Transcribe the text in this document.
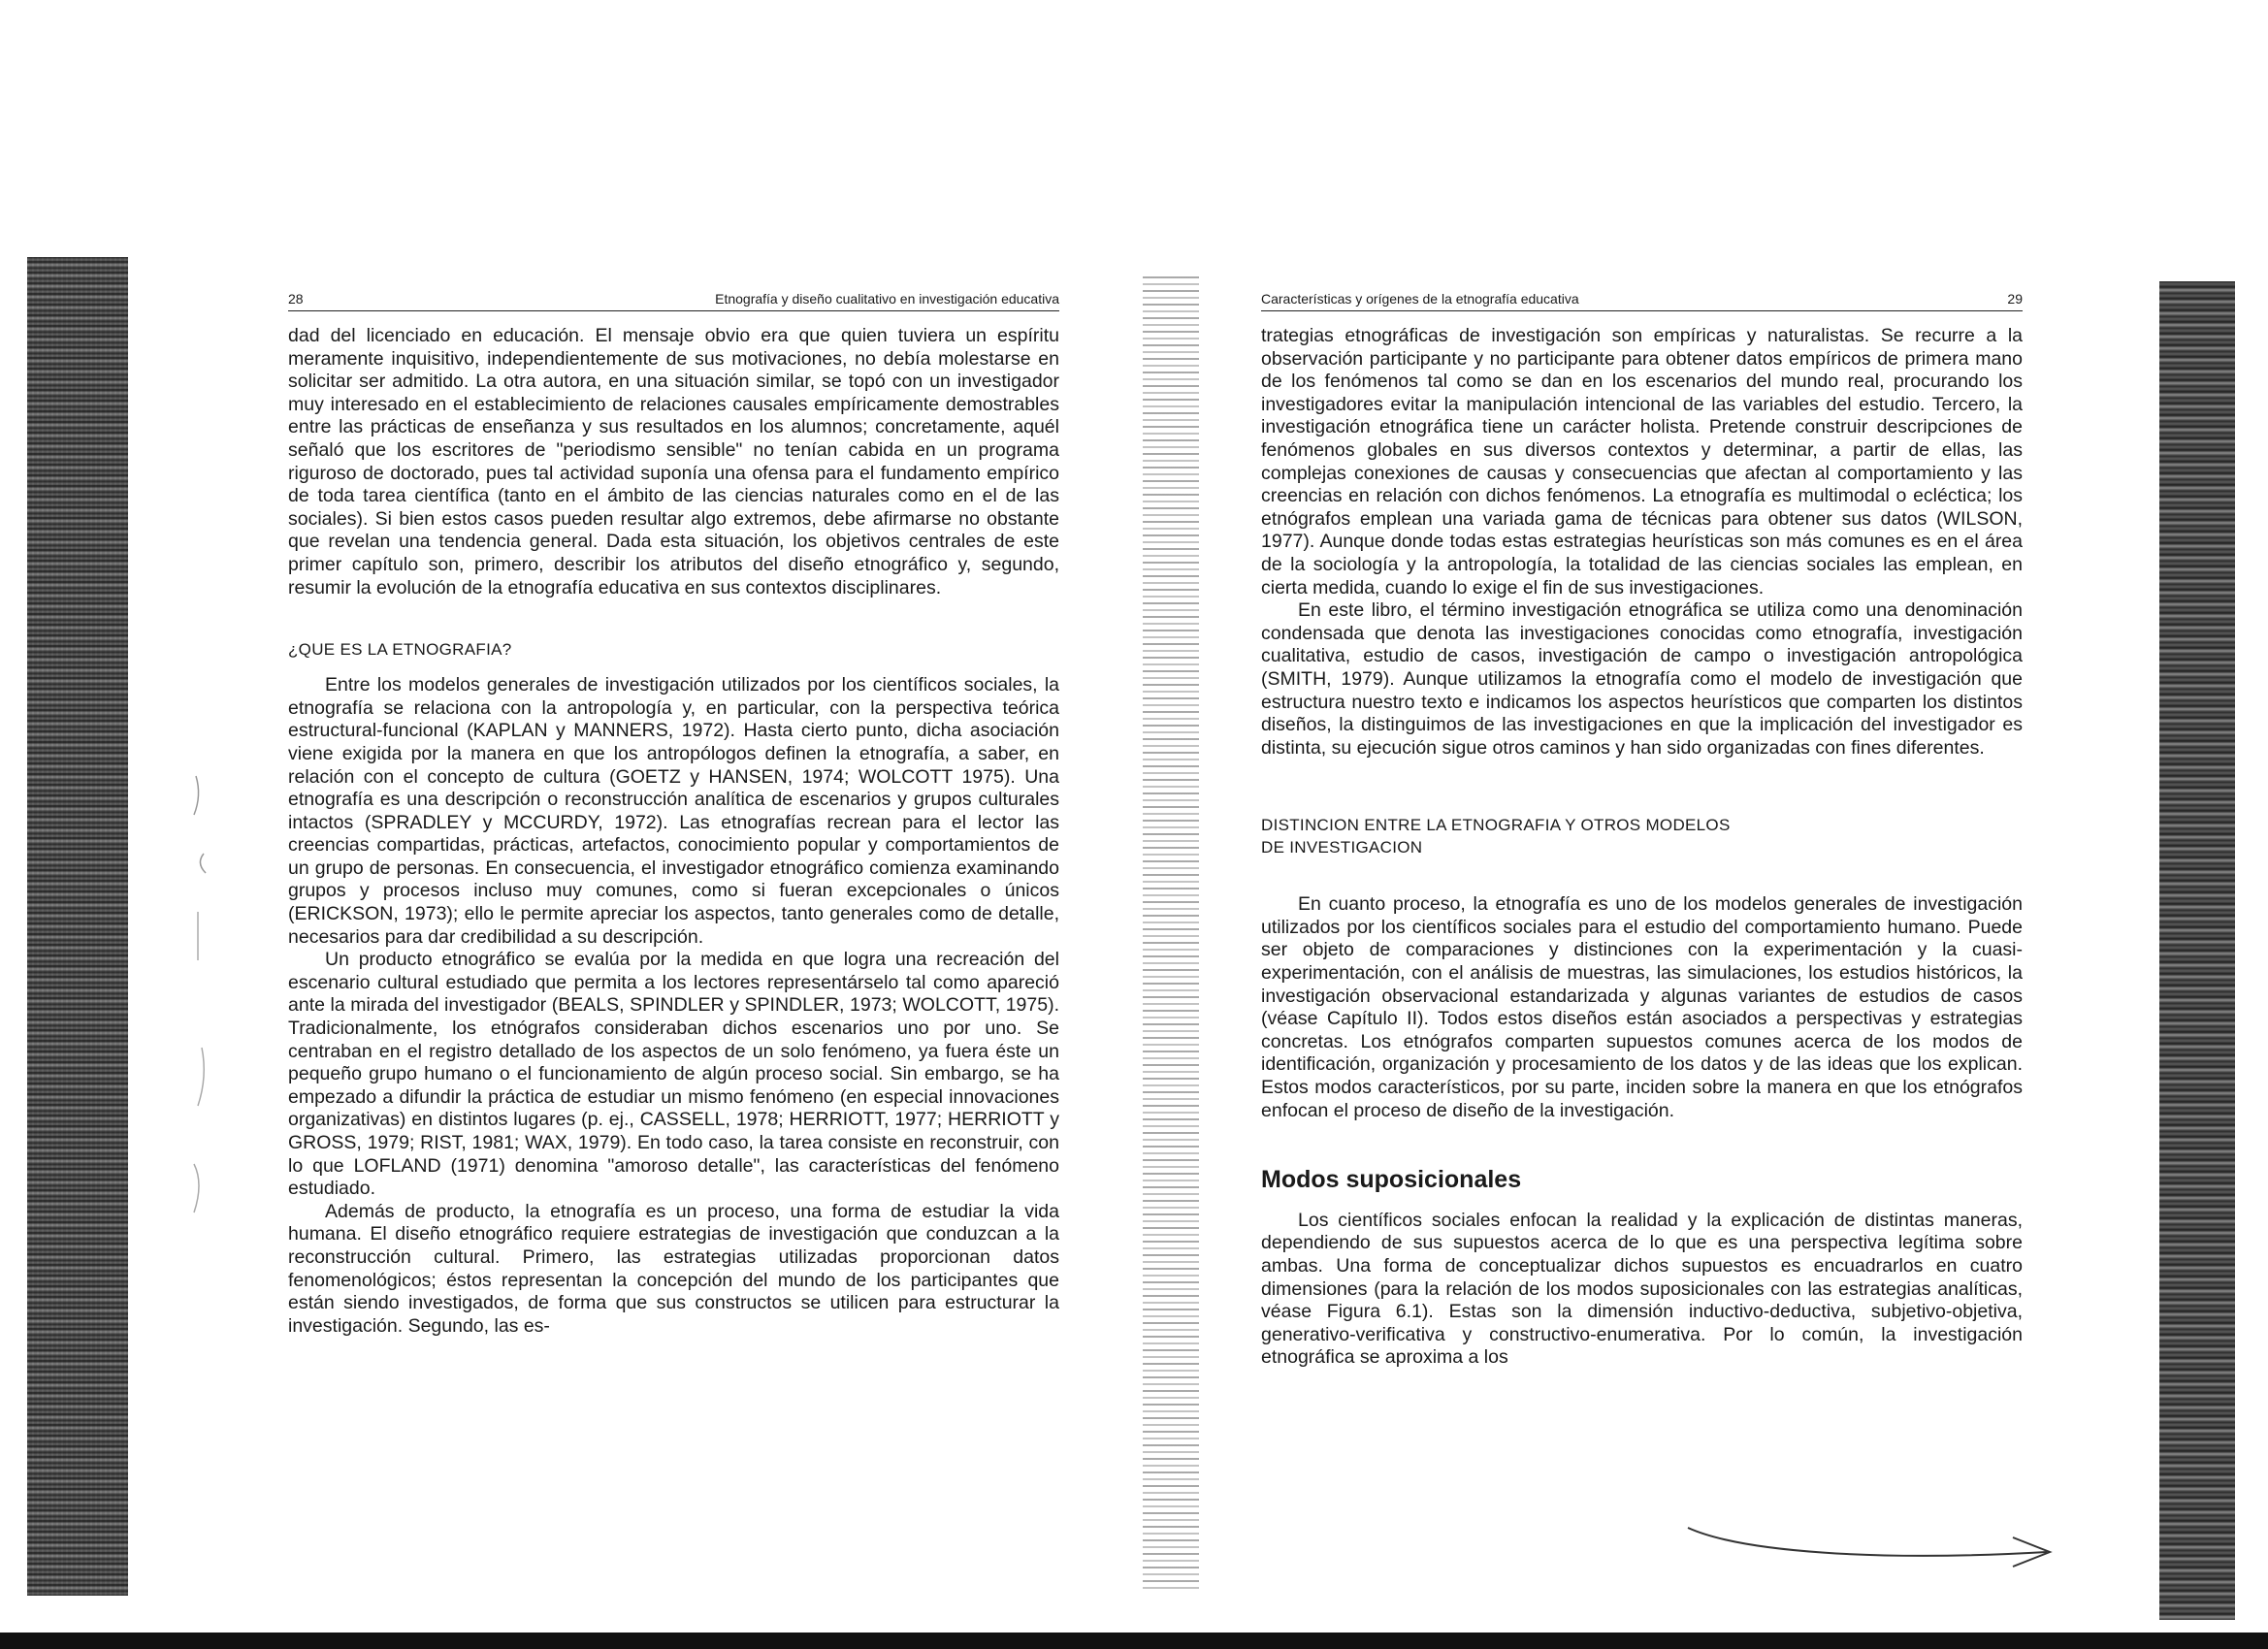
28	Etnografía y diseño cualitativo en investigación educativa

dad del licenciado en educación. El mensaje obvio era que quien tuviera un espíritu meramente inquisitivo, independientemente de sus motivaciones, no debía molestarse en solicitar ser admitido. La otra autora, en una situación similar, se topó con un investigador muy interesado en el establecimiento de relaciones causales empíricamente demostrables entre las prácticas de enseñanza y sus resultados en los alumnos; concretamente, aquél señaló que los escritores de "periodismo sensible" no tenían cabida en un programa riguroso de doctorado, pues tal actividad suponía una ofensa para el fundamento empírico de toda tarea científica (tanto en el ámbito de las ciencias naturales como en el de las sociales). Si bien estos casos pueden resultar algo extremos, debe afirmarse no obstante que revelan una tendencia general. Dada esta situación, los objetivos centrales de este primer capítulo son, primero, describir los atributos del diseño etnográfico y, segundo, resumir la evolución de la etnografía educativa en sus contextos disciplinares.

¿QUE ES LA ETNOGRAFIA?

Entre los modelos generales de investigación utilizados por los científicos sociales, la etnografía se relaciona con la antropología y, en particular, con la perspectiva teórica estructural-funcional (KAPLAN y MANNERS, 1972). Hasta cierto punto, dicha asociación viene exigida por la manera en que los antropólogos definen la etnografía, a saber, en relación con el concepto de cultura (GOETZ y HANSEN, 1974; WOLCOTT 1975). Una etnografía es una descripción o reconstrucción analítica de escenarios y grupos culturales intactos (SPRADLEY y MCCURDY, 1972). Las etnografías recrean para el lector las creencias compartidas, prácticas, artefactos, conocimiento popular y comportamientos de un grupo de personas. En consecuencia, el investigador etnográfico comienza examinando grupos y procesos incluso muy comunes, como si fueran excepcionales o únicos (ERICKSON, 1973); ello le permite apreciar los aspectos, tanto generales como de detalle, necesarios para dar credibilidad a su descripción.

Un producto etnográfico se evalúa por la medida en que logra una recreación del escenario cultural estudiado que permita a los lectores representárselo tal como apareció ante la mirada del investigador (BEALS, SPINDLER y SPINDLER, 1973; WOLCOTT, 1975). Tradicionalmente, los etnógrafos consideraban dichos escenarios uno por uno. Se centraban en el registro detallado de los aspectos de un solo fenómeno, ya fuera éste un pequeño grupo humano o el funcionamiento de algún proceso social. Sin embargo, se ha empezado a difundir la práctica de estudiar un mismo fenómeno (en especial innovaciones organizativas) en distintos lugares (p. ej., CASSELL, 1978; HERRIOTT, 1977; HERRIOTT y GROSS, 1979; RIST, 1981; WAX, 1979). En todo caso, la tarea consiste en reconstruir, con lo que LOFLAND (1971) denomina "amoroso detalle", las características del fenómeno estudiado.

Además de producto, la etnografía es un proceso, una forma de estudiar la vida humana. El diseño etnográfico requiere estrategias de investigación que conduzcan a la reconstrucción cultural. Primero, las estrategias utilizadas proporcionan datos fenomenológicos; éstos representan la concepción del mundo de los participantes que están siendo investigados, de forma que sus constructos se utilicen para estructurar la investigación. Segundo, las es-

Características y orígenes de la etnografía educativa	29

trategias etnográficas de investigación son empíricas y naturalistas. Se recurre a la observación participante y no participante para obtener datos empíricos de primera mano de los fenómenos tal como se dan en los escenarios del mundo real, procurando los investigadores evitar la manipulación intencional de las variables del estudio. Tercero, la investigación etnográfica tiene un carácter holista. Pretende construir descripciones de fenómenos globales en sus diversos contextos y determinar, a partir de ellas, las complejas conexiones de causas y consecuencias que afectan al comportamiento y las creencias en relación con dichos fenómenos. La etnografía es multimodal o ecléctica; los etnógrafos emplean una variada gama de técnicas para obtener sus datos (WILSON, 1977). Aunque donde todas estas estrategias heurísticas son más comunes es en el área de la sociología y la antropología, la totalidad de las ciencias sociales las emplean, en cierta medida, cuando lo exige el fin de sus investigaciones.

En este libro, el término investigación etnográfica se utiliza como una denominación condensada que denota las investigaciones conocidas como etnografía, investigación cualitativa, estudio de casos, investigación de campo o investigación antropológica (SMITH, 1979). Aunque utilizamos la etnografía como el modelo de investigación que estructura nuestro texto e indicamos los aspectos heurísticos que comparten los distintos diseños, la distinguimos de las investigaciones en que la implicación del investigador es distinta, su ejecución sigue otros caminos y han sido organizadas con fines diferentes.

DISTINCION ENTRE LA ETNOGRAFIA Y OTROS MODELOS

DE INVESTIGACION

En cuanto proceso, la etnografía es uno de los modelos generales de investigación utilizados por los científicos sociales para el estudio del comportamiento humano. Puede ser objeto de comparaciones y distinciones con la experimentación y la cuasi-experimentación, con el análisis de muestras, las simulaciones, los estudios históricos, la investigación observacional estandarizada y algunas variantes de estudios de casos (véase Capítulo II). Todos estos diseños están asociados a perspectivas y estrategias concretas. Los etnógrafos comparten supuestos comunes acerca de los modos de identificación, organización y procesamiento de los datos y de las ideas que los explican. Estos modos característicos, por su parte, inciden sobre la manera en que los etnógrafos enfocan el proceso de diseño de la investigación.

Modos suposicionales

Los científicos sociales enfocan la realidad y la explicación de distintas maneras, dependiendo de sus supuestos acerca de lo que es una perspectiva legítima sobre ambas. Una forma de conceptualizar dichos supuestos es encuadrarlos en cuatro dimensiones (para la relación de los modos suposicionales con las estrategias analíticas, véase Figura 6.1). Estas son la dimensión inductivo-deductiva, subjetivo-objetiva, generativo-verificativa y constructivo-enumerativa. Por lo común, la investigación etnográfica se aproxima a los
